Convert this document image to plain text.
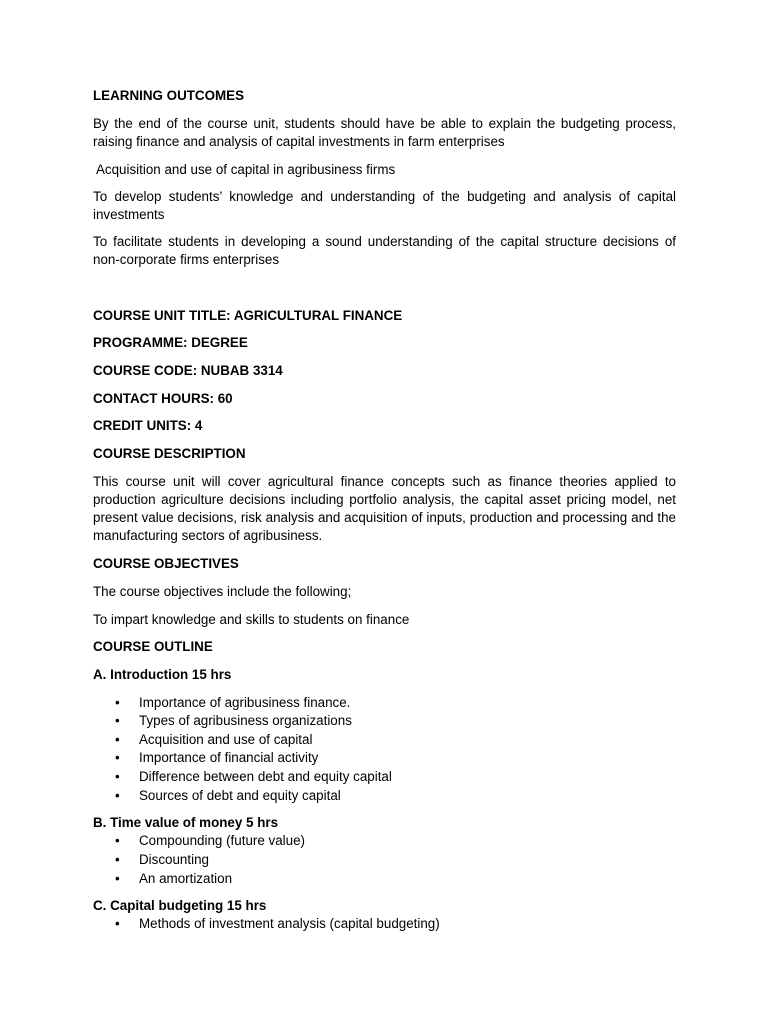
LEARNING OUTCOMES

By the end of the course unit, students should have be able to explain the budgeting process, raising finance and analysis of capital investments in farm enterprises

Acquisition and use of capital in agribusiness firms

To develop students’ knowledge and understanding of the budgeting and analysis of capital investments

To facilitate students in developing a sound understanding of the capital structure decisions of non-corporate firms enterprises

COURSE UNIT TITLE: AGRICULTURAL FINANCE

PROGRAMME: DEGREE

COURSE CODE: NUBAB 3314

CONTACT HOURS: 60

CREDIT UNITS: 4

COURSE DESCRIPTION

This course unit will cover agricultural finance concepts such as finance theories applied to production agriculture decisions including portfolio analysis, the capital asset pricing model, net present value decisions, risk analysis and acquisition of inputs, production and processing and the manufacturing sectors of agribusiness.

COURSE OBJECTIVES

The course objectives include the following;

To impart knowledge and skills to students on finance

COURSE OUTLINE

A. Introduction 15 hrs

• Importance of agribusiness finance.
• Types of agribusiness organizations
• Acquisition and use of capital
• Importance of financial activity
• Difference between debt and equity capital
• Sources of debt and equity capital

B. Time value of money 5 hrs

• Compounding (future value)
• Discounting
• An amortization

C. Capital budgeting 15 hrs

• Methods of investment analysis (capital budgeting)
